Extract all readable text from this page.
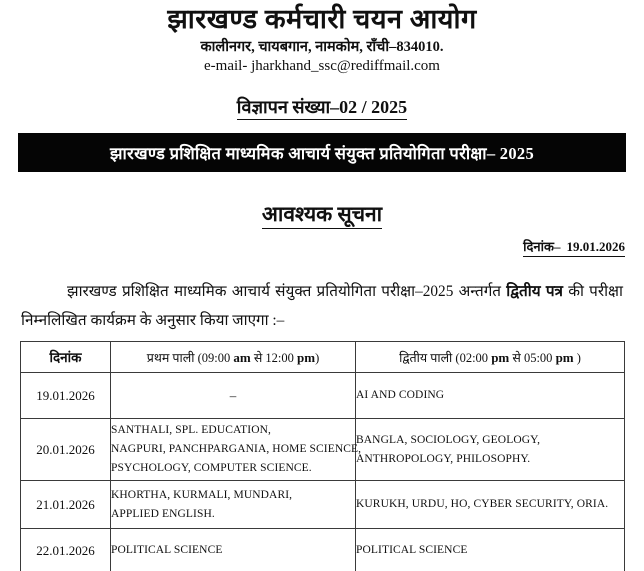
झारखण्ड कर्मचारी चयन आयोग
कालीनगर, चायबगान, नामकोम, राँची–834010.
e-mail- jharkhand_ssc@rediffmail.com
विज्ञापन संख्या–02 / 2025
झारखण्ड प्रशिक्षित माध्यमिक आचार्य संयुक्त प्रतियोगिता परीक्षा– 2025
आवश्यक सूचना
दिनांक– 19.01.2026
झारखण्ड प्रशिक्षित माध्यमिक आचार्य संयुक्त प्रतियोगिता परीक्षा–2025 अन्तर्गत द्वितीय पत्र की परीक्षा निम्नलिखित कार्यक्रम के अनुसार किया जाएगा :–
दिनांक	प्रथम पाली (09:00 am से 12:00 pm)	द्वितीय पाली (02:00 pm से 05:00 pm )
19.01.2026	–	AI AND CODING

20.01.2026	SANTHALI, SPL. EDUCATION,
NAGPURI, PANCHPARGANIA, HOME SCIENCE,
PSYCHOLOGY, COMPUTER SCIENCE.	BANGLA, SOCIOLOGY, GEOLOGY,
ANTHROPOLOGY, PHILOSOPHY.

21.01.2026	KHORTHA, KURMALI, MUNDARI,
APPLIED ENGLISH.	KURUKH, URDU, HO, CYBER SECURITY, ORIA.

22.01.2026	POLITICAL SCIENCE	POLITICAL SCIENCE
